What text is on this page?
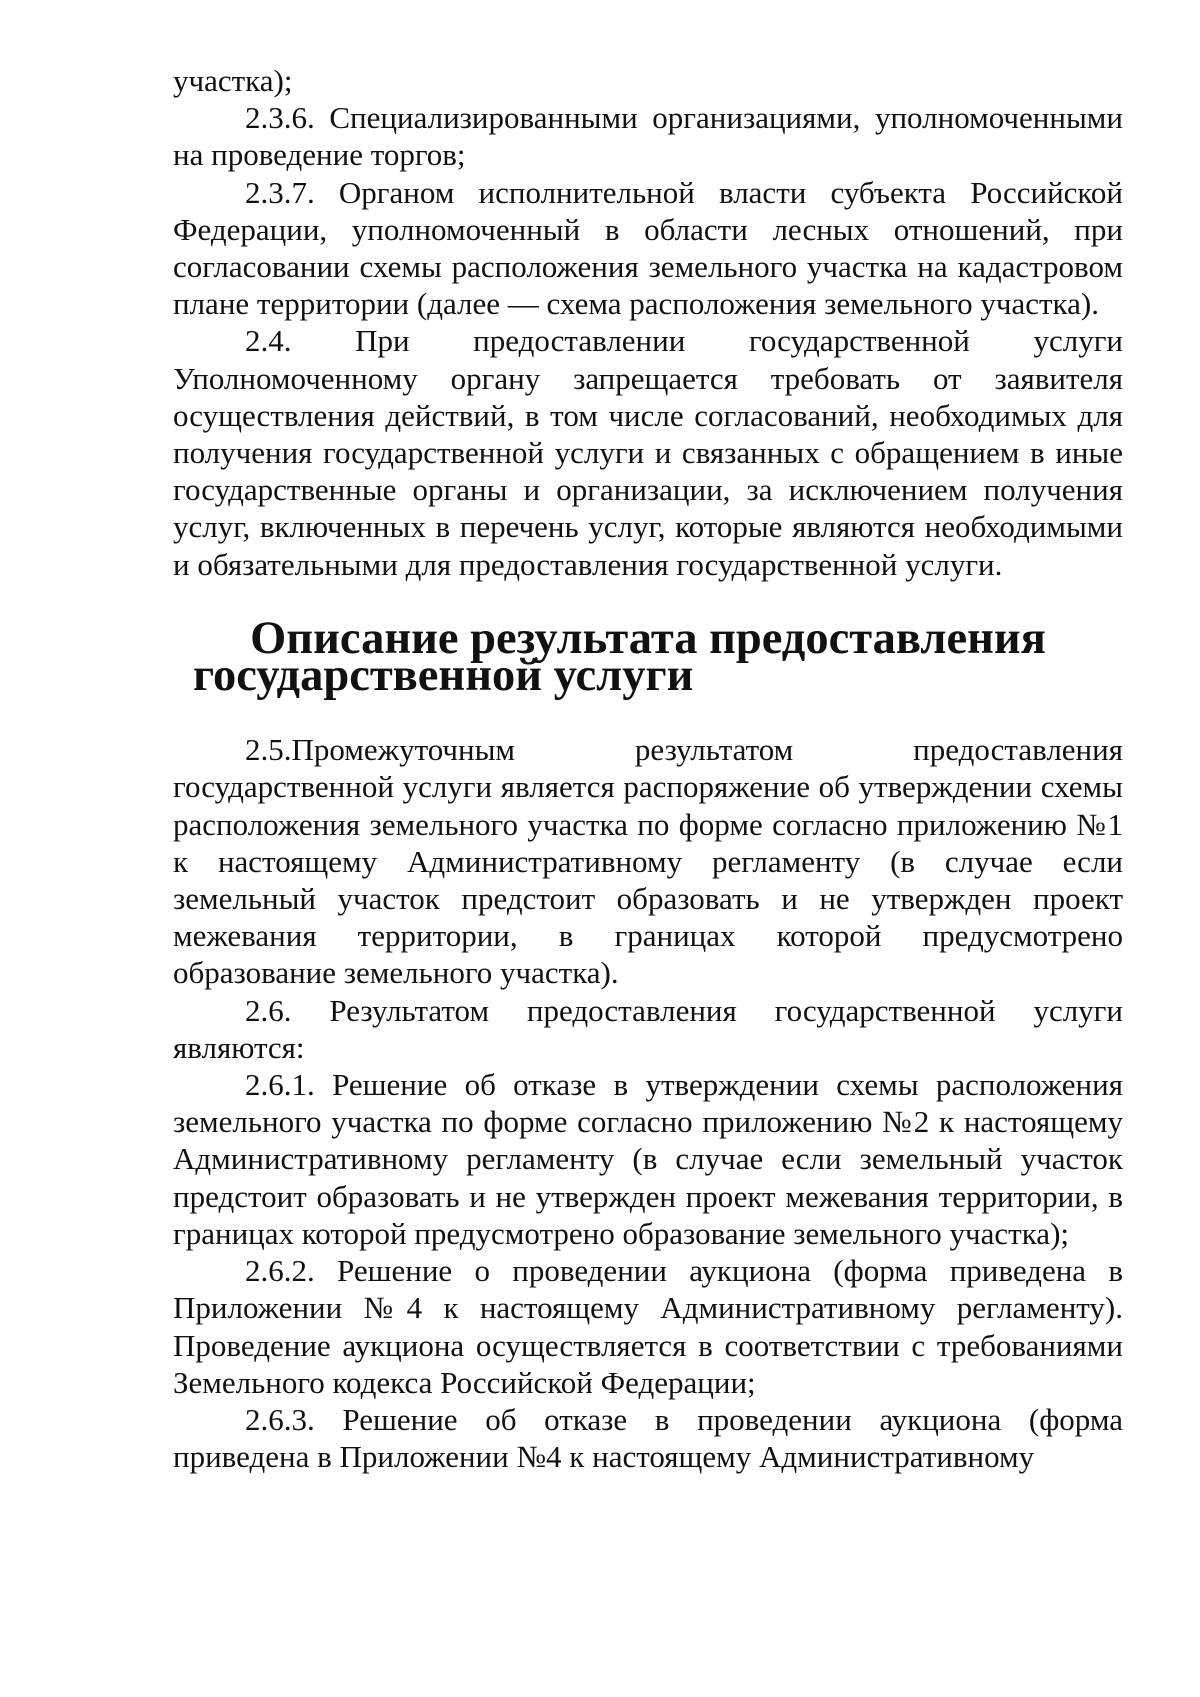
участка);

2.3.6. Специализированными организациями, уполномоченными на проведение торгов;

2.3.7. Органом исполнительной власти субъекта Российской Федерации, уполномоченный в области лесных отношений, при согласовании схемы расположения земельного участка на кадастровом плане территории (далее — схема расположения земельного участка).

2.4. При предоставлении государственной услуги Уполномоченному органу запрещается требовать от заявителя осуществления действий, в том числе согласований, необходимых для получения государственной услуги и связанных с обращением в иные государственные органы и организации, за исключением получения услуг, включенных в перечень услуг, которые являются необходимыми и обязательными для предоставления государственной услуги.

Описание результата предоставления государственной услуги

2.5.Промежуточным результатом предоставления государственной услуги является распоряжение об утверждении схемы расположения земельного участка по форме согласно приложению №1 к настоящему Административному регламенту (в случае если земельный участок предстоит образовать и не утвержден проект межевания территории, в границах которой предусмотрено образование земельного участка).

2.6. Результатом предоставления государственной услуги являются:

2.6.1. Решение об отказе в утверждении схемы расположения земельного участка по форме согласно приложению №2 к настоящему Административному регламенту (в случае если земельный участок предстоит образовать и не утвержден проект межевания территории, в границах которой предусмотрено образование земельного участка);

2.6.2. Решение о проведении аукциона (форма приведена в Приложении №4 к настоящему Административному регламенту). Проведение аукциона осуществляется в соответствии с требованиями Земельного кодекса Российской Федерации;

2.6.3. Решение об отказе в проведении аукциона (форма приведена в Приложении №4 к настоящему Административному
